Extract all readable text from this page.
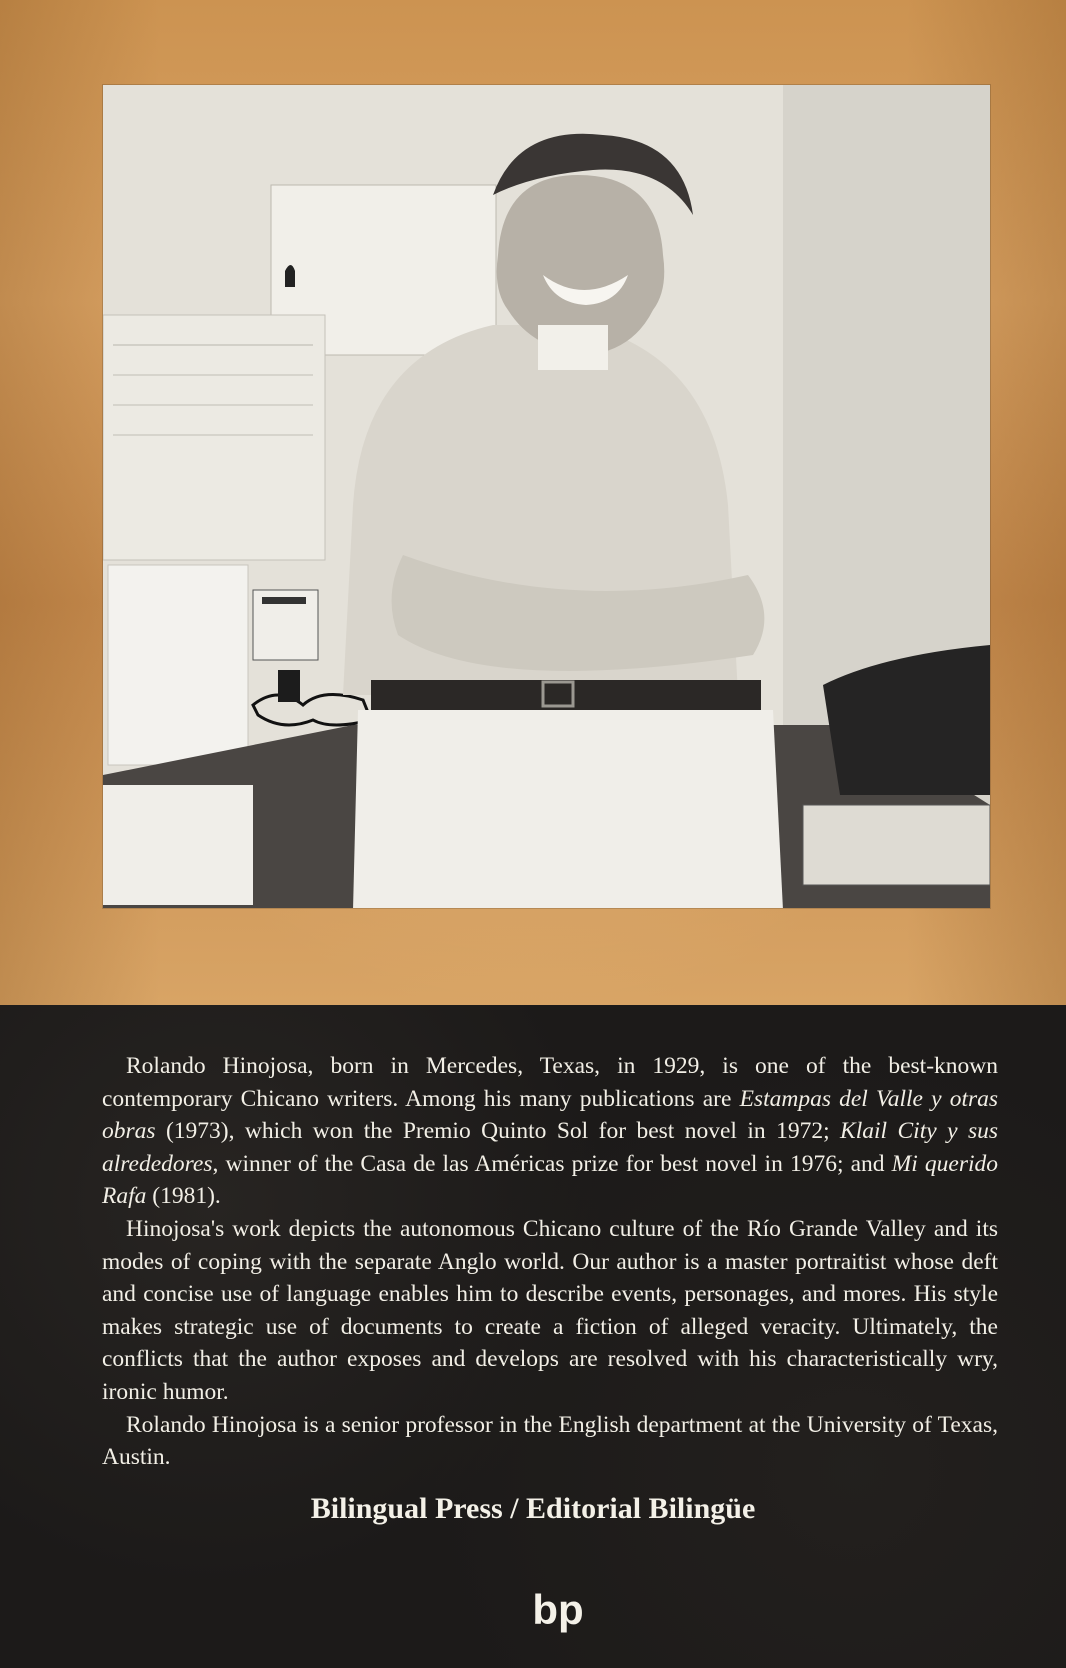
Rolando Hinojosa, born in Mercedes, Texas, in 1929, is one of the best-known contemporary Chicano writers. Among his many publications are Estampas del Valle y otras obras (1973), which won the Premio Quinto Sol for best novel in 1972; Klail City y sus alrededores, winner of the Casa de las Américas prize for best novel in 1976; and Mi querido Rafa (1981).

Hinojosa's work depicts the autonomous Chicano culture of the Río Grande Valley and its modes of coping with the separate Anglo world. Our author is a master portraitist whose deft and concise use of language enables him to describe events, personages, and mores. His style makes strategic use of documents to create a fiction of alleged veracity. Ultimately, the conflicts that the author exposes and develops are resolved with his characteristically wry, ironic humor.

Rolando Hinojosa is a senior professor in the English department at the University of Texas, Austin.

Bilingual Press / Editorial Bilingüe
bp
